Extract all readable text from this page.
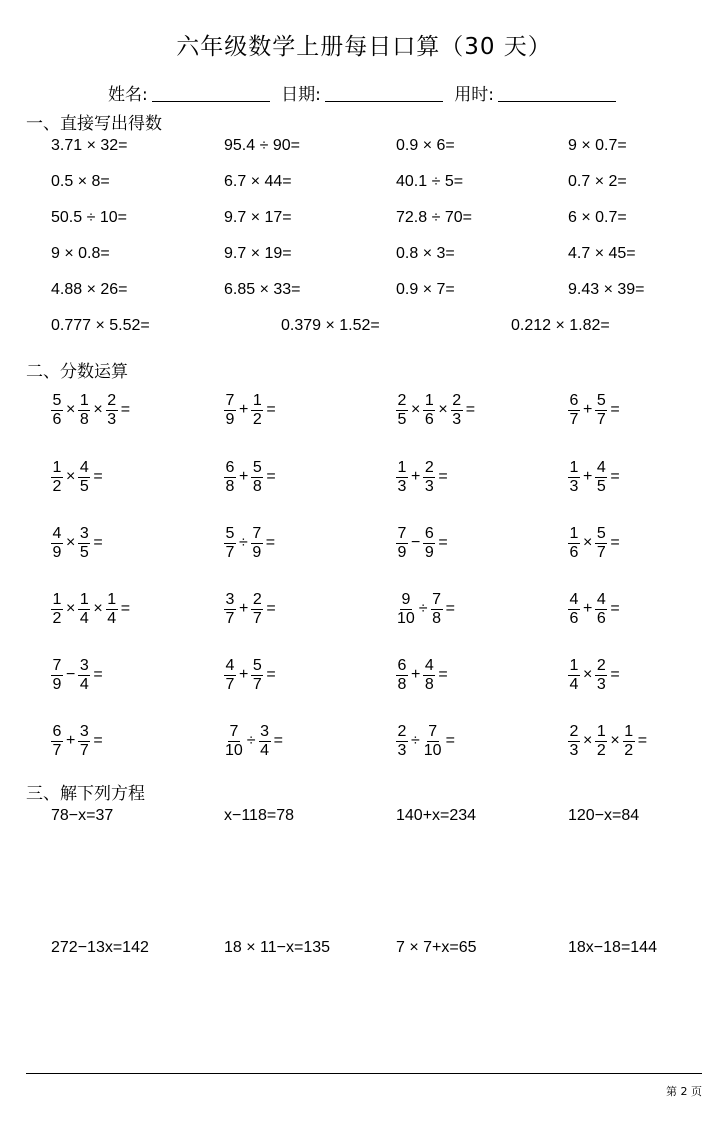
六年级数学上册每日口算（30 天）
姓名:	日期:	用时:
一、直接写出得数
二、分数运算
三、解下列方程
3.71 × 32=	95.4 ÷ 90=	0.9 × 6=	9 × 0.7=
0.5 × 8=	6.7 × 44=	40.1 ÷ 5=	0.7 × 2=
50.5 ÷ 10=	9.7 × 17=	72.8 ÷ 70=	6 × 0.7=
9 × 0.8=	9.7 × 19=	0.8 × 3=	4.7 × 45=
4.88 × 26=	6.85 × 33=	0.9 × 7=	9.43 × 39=
0.777 × 5.52=	0.379 × 1.52=	0.212 × 1.82=
$\frac{5}{6} \times \frac{1}{8} \times \frac{2}{3}$ =	$\frac{7}{9} + \frac{1}{2}$ =	$\frac{2}{5} \times \frac{1}{6} \times \frac{2}{3}$ =	$\frac{6}{7} + \frac{5}{7}$ =
$\frac{1}{2} \times \frac{4}{5}$ =	$\frac{6}{8} + \frac{5}{8}$ =	$\frac{1}{3} + \frac{2}{3}$ =	$\frac{1}{3} + \frac{4}{5}$ =
$\frac{4}{9} \times \frac{3}{5}$ =	$\frac{5}{7} \div \frac{7}{9}$ =	$\frac{7}{9} - \frac{6}{9}$ =	$\frac{1}{6} \times \frac{5}{7}$ =
$\frac{1}{2} \times \frac{1}{4} \times \frac{1}{4}$ =	$\frac{3}{7} + \frac{2}{7}$ =	$\frac{9}{10} \div \frac{7}{8}$ =	$\frac{4}{6} + \frac{4}{6}$ =
$\frac{7}{9} - \frac{3}{4}$ =	$\frac{4}{7} + \frac{5}{7}$ =	$\frac{6}{8} + \frac{4}{8}$ =	$\frac{1}{4} \times \frac{2}{3}$ =
$\frac{6}{7} + \frac{3}{7}$ =	$\frac{7}{10} \div \frac{3}{4}$ =	$\frac{2}{3} \div \frac{7}{10}$ =	$\frac{2}{3} \times \frac{1}{2} \times \frac{1}{2}$ =
78−x=37	x−118=78	140+x=234	120−x=84
272−13x=142	18 × 11−x=135	7 × 7+x=65	18x−18=144
第 2 页
